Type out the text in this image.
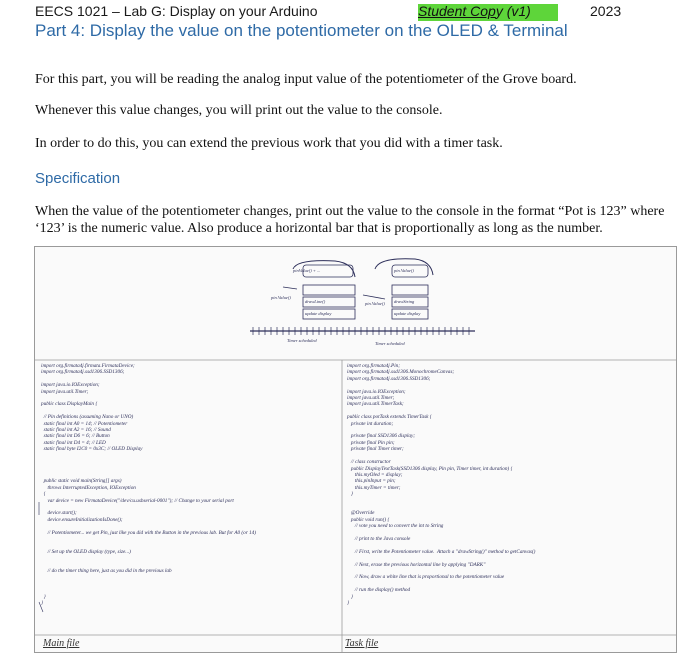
EECS 1021 – Lab G: Display on your Arduino	Student Copy (v1)	2023
Part 4: Display the value on the potentiometer on the OLED & Terminal
For this part, you will be reading the analog input value of the potentiometer of the Grove board.
Whenever this value changes, you will print out the value to the console.
In order to do this, you can extend the previous work that you did with a timer task.
Specification
When the value of the potentiometer changes, print out the value to the console in the format “Pot is 123” where ‘123’ is the numeric value. Also produce a horizontal bar that is proportionally as long as the number.
pinValue() + ...
drawLine()
update display
pin.Value()
Timer scheduled
pin.Value()
drawString
update display
pin.Value()
Timer scheduled
import org.firmata4j.firmata.FirmataDevice;
import org.firmata4j.ssd1306.SSD1306;

import java.io.IOException;
import java.util.Timer;

public class DisplayMain {

// Pin definitions (assuming Nano or UNO)
static final int A0 = 14; // Potentiometer
static final int A2 = 16; // Sound
static final int D6 = 6; // Button
static final int D4 = 4; // LED
static final byte I2C0 = 0x3C; // OLED Display

public static void main(String[] args)
throws InterruptedException, IOException
{
var device = new FirmataDevice("/dev/cu.usbserial-0001"); // Change to your serial port

device.start();
device.ensureInitializationIsDone();

// Potentiometer... we get Pin, just like you did with the Button in the previous lab. But for A0 (or 14)

// Set up the OLED display (type, size...)

// do the timer thing here, just as you did in the previous lab

}
}
import org.firmata4j.Pin;
import org.firmata4j.ssd1306.MonochromeCanvas;
import org.firmata4j.ssd1306.SSD1306;

import java.io.IOException;
import java.util.Timer;
import java.util.TimerTask;

public class potTask extends TimerTask {
private int duration;

private final SSD1306 display;
private final Pin pin;
private final Timer timer;

// class constructor
public DisplayTextTask(SSD1306 display, Pin pin, Timer timer, int duration) {
this.myOled = display;
this.pinInput = pin;
this.myTimer = timer;
}

@Override
public void run() {
// vote you need to convert the int to String

// print to the Java console

// First, write the Potentiometer value.  Attach a "drawString()" method to getCanvas()

// Next, erase the previous horizontal line by applying "DARK"

// Now, draw a white line that is proportional to the potentiometer value

// run the display() method
}
}
Main file	Task file
